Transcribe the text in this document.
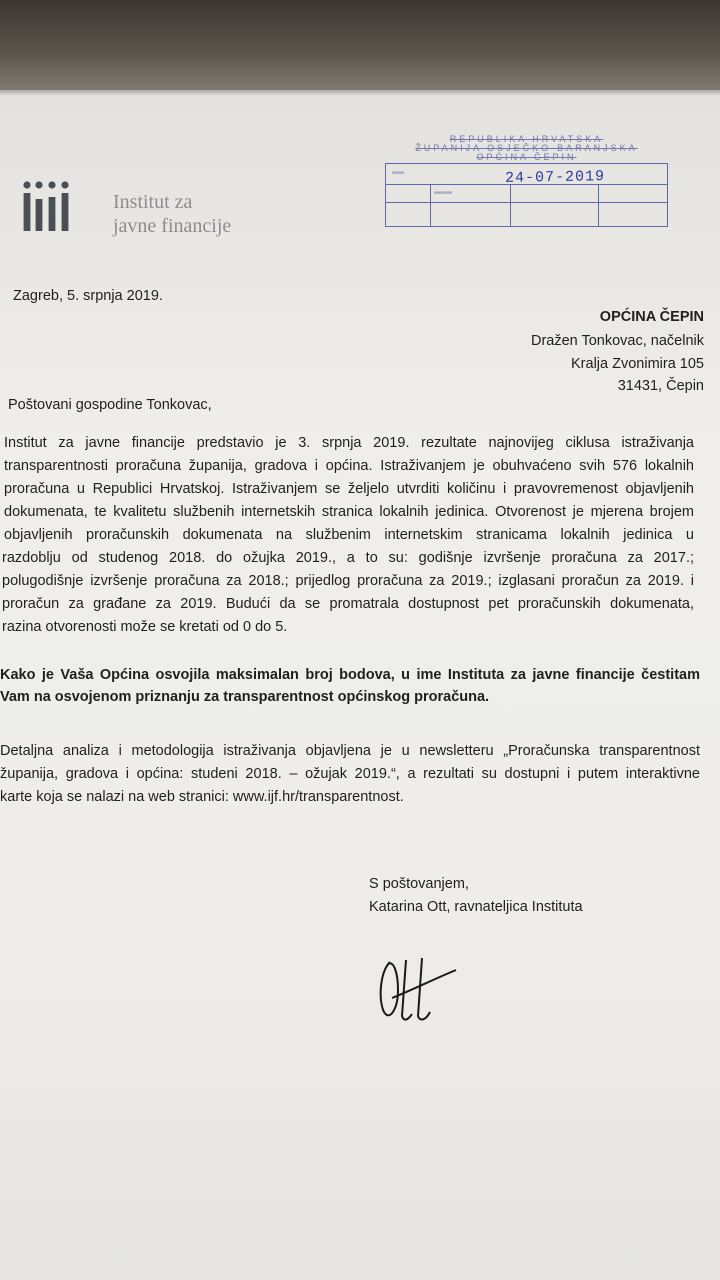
REPUBLIKA HRVATSKA
ŽUPANIJA OSJEČKO-BARANJSKA
OPĆINA ČEPIN
■■■■
■■■■■■
24-07-2019
Institut za
javne financije
Zagreb, 5. srpnja 2019.
OPĆINA ČEPIN
Dražen Tonkovac, načelnik
Kralja Zvonimira 105
31431, Čepin
Poštovani gospodine Tonkovac,
Institut za javne financije predstavio je 3. srpnja 2019. rezultate najnovijeg ciklusa istraživanja
transparentnosti proračuna županija, gradova i općina. Istraživanjem je obuhvaćeno svih 576 lokalnih
proračuna u Republici Hrvatskoj. Istraživanjem se željelo utvrditi količinu i pravovremenost objavljenih
dokumenata, te kvalitetu službenih internetskih stranica lokalnih jedinica. Otvorenost je mjerena brojem
objavljenih proračunskih dokumenata na službenim internetskim stranicama lokalnih jedinica u
razdoblju od studenog 2018. do ožujka 2019., a to su: godišnje izvršenje proračuna za 2017.;
polugodišnje izvršenje proračuna za 2018.; prijedlog proračuna za 2019.; izglasani proračun za 2019. i
proračun za građane za 2019. Budući da se promatrala dostupnost pet proračunskih dokumenata,
razina otvorenosti može se kretati od 0 do 5.
Kako je Vaša Općina osvojila maksimalan broj bodova, u ime Instituta za javne financije čestitam
Vam na osvojenom priznanju za transparentnost općinskog proračuna.
Detaljna analiza i metodologija istraživanja objavljena je u newsletteru „Proračunska transparentnost
županija, gradova i općina: studeni 2018. – ožujak 2019.“, a rezultati su dostupni i putem interaktivne
karte koja se nalazi na web stranici: www.ijf.hr/transparentnost.
S poštovanjem,
Katarina Ott, ravnateljica Instituta
